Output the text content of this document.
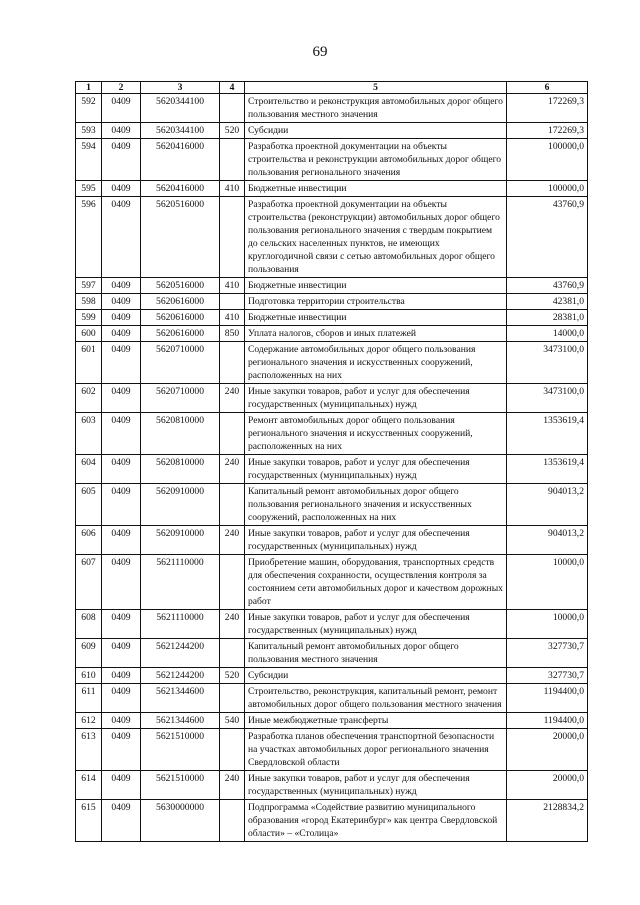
69
1	2	3	4	5	6
592	0409	5620344100		Строительство и реконструкция автомобильных дорог общего пользования местного значения	172269,3
593	0409	5620344100	520	Субсидии	172269,3
594	0409	5620416000		Разработка проектной документации на объекты строительства и реконструкции автомобильных дорог общего пользования регионального значения	100000,0
595	0409	5620416000	410	Бюджетные инвестиции	100000,0
596	0409	5620516000		Разработка проектной документации на объекты строительства (реконструкции) автомобильных дорог общего пользования регионального значения с твердым покрытием до сельских населенных пунктов, не имеющих круглогодичной связи с сетью автомобильных дорог общего пользования	43760,9
597	0409	5620516000	410	Бюджетные инвестиции	43760,9
598	0409	5620616000		Подготовка территории строительства	42381,0
599	0409	5620616000	410	Бюджетные инвестиции	28381,0
600	0409	5620616000	850	Уплата налогов, сборов и иных платежей	14000,0
601	0409	5620710000		Содержание автомобильных дорог общего пользования регионального значения и искусственных сооружений, расположенных на них	3473100,0
602	0409	5620710000	240	Иные закупки товаров, работ и услуг для обеспечения государственных (муниципальных) нужд	3473100,0
603	0409	5620810000		Ремонт автомобильных дорог общего пользования регионального значения и искусственных сооружений, расположенных на них	1353619,4
604	0409	5620810000	240	Иные закупки товаров, работ и услуг для обеспечения государственных (муниципальных) нужд	1353619,4
605	0409	5620910000		Капитальный ремонт автомобильных дорог общего пользования регионального значения и искусственных сооружений, расположенных на них	904013,2
606	0409	5620910000	240	Иные закупки товаров, работ и услуг для обеспечения государственных (муниципальных) нужд	904013,2
607	0409	5621110000		Приобретение машин, оборудования, транспортных средств для обеспечения сохранности, осуществления контроля за состоянием сети автомобильных дорог и качеством дорожных работ	10000,0
608	0409	5621110000	240	Иные закупки товаров, работ и услуг для обеспечения государственных (муниципальных) нужд	10000,0
609	0409	5621244200		Капитальный ремонт автомобильных дорог общего пользования местного значения	327730,7
610	0409	5621244200	520	Субсидии	327730,7
611	0409	5621344600		Строительство, реконструкция, капитальный ремонт, ремонт автомобильных дорог общего пользования местного значения	1194400,0
612	0409	5621344600	540	Иные межбюджетные трансферты	1194400,0
613	0409	5621510000		Разработка планов обеспечения транспортной безопасности на участках автомобильных дорог регионального значения Свердловской области	20000,0
614	0409	5621510000	240	Иные закупки товаров, работ и услуг для обеспечения государственных (муниципальных) нужд	20000,0
615	0409	5630000000		Подпрограмма «Содействие развитию муниципального образования «город Екатеринбург» как центра Свердловской области» – «Столица»	2128834,2
